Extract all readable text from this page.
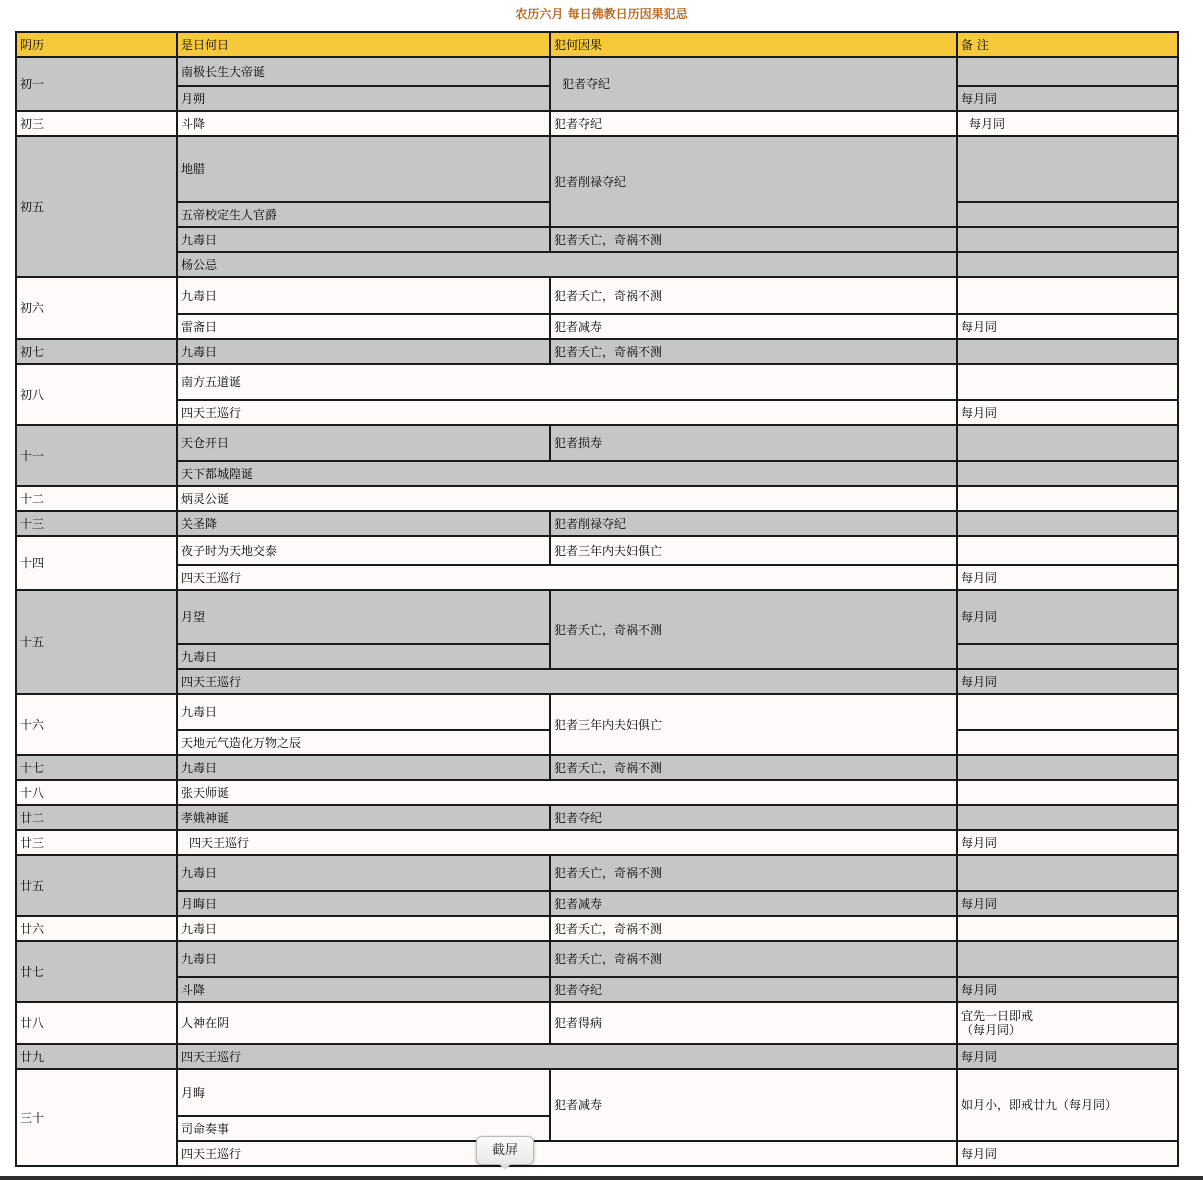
农历六月 每日佛教日历因果犯忌
阴历	是日何日	犯何因果	备 注
初一	南极长生大帝诞	犯者夺纪	
	月朔		每月同
初三	斗降	犯者夺纪	每月同
初五	地腊	犯者削禄夺纪	
	五帝校定生人官爵		
	九毒日	犯者夭亡，奇祸不测	
	杨公忌		
初六	九毒日	犯者夭亡，奇祸不测	
	雷斋日	犯者减寿	每月同
初七	九毒日	犯者夭亡，奇祸不测	
初八	南方五道诞		
	四天王巡行		每月同
十一	天仓开日	犯者损寿	
	天下都城隍诞		
十二	炳灵公诞		
十三	关圣降	犯者削禄夺纪	
十四	夜子时为天地交泰	犯者三年内夫妇俱亡	
	四天王巡行		每月同
十五	月望	犯者夭亡，奇祸不测	每月同
	九毒日		
	四天王巡行		每月同
十六	九毒日	犯者三年内夫妇俱亡	
	天地元气造化万物之辰		
十七	九毒日	犯者夭亡，奇祸不测	
十八	张天师诞		
廿二	孝娥神诞	犯者夺纪	
廿三	四天王巡行		每月同
廿五	九毒日	犯者夭亡，奇祸不测	
	月晦日	犯者减寿	每月同
廿六	九毒日	犯者夭亡，奇祸不测	
廿七	九毒日	犯者夭亡，奇祸不测	
	斗降	犯者夺纪	每月同
廿八	人神在阴	犯者得病	宜先一日即戒
（每月同）

廿九	四天王巡行		每月同
三十	月晦	犯者减寿	如月小，即戒廿九（每月同）
	司命奏事		
	四天王巡行		每月同
截屏
